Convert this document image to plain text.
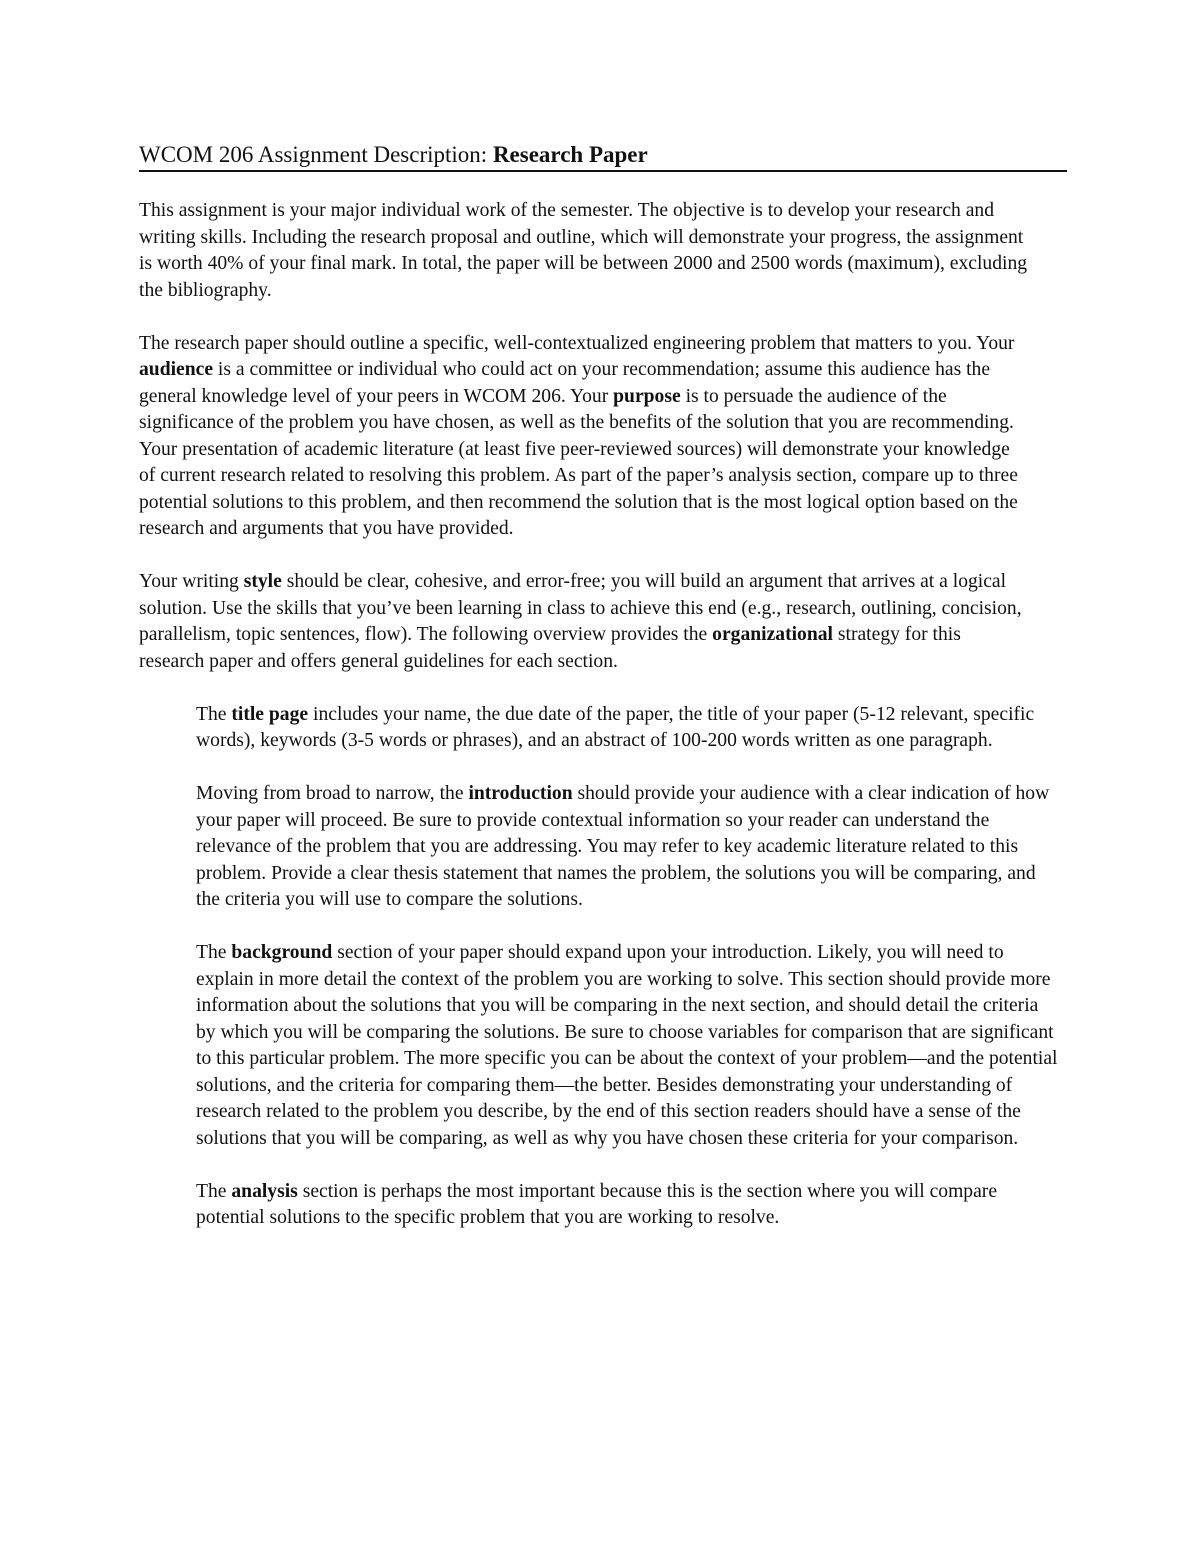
WCOM 206 Assignment Description: Research Paper

This assignment is your major individual work of the semester. The objective is to develop your research and writing skills. Including the research proposal and outline, which will demonstrate your progress, the assignment is worth 40% of your final mark. In total, the paper will be between 2000 and 2500 words (maximum), excluding the bibliography.

The research paper should outline a specific, well-contextualized engineering problem that matters to you. Your audience is a committee or individual who could act on your recommendation; assume this audience has the general knowledge level of your peers in WCOM 206. Your purpose is to persuade the audience of the significance of the problem you have chosen, as well as the benefits of the solution that you are recommending. Your presentation of academic literature (at least five peer-reviewed sources) will demonstrate your knowledge of current research related to resolving this problem. As part of the paper’s analysis section, compare up to three potential solutions to this problem, and then recommend the solution that is the most logical option based on the research and arguments that you have provided.

Your writing style should be clear, cohesive, and error-free; you will build an argument that arrives at a logical solution. Use the skills that you’ve been learning in class to achieve this end (e.g., research, outlining, concision, parallelism, topic sentences, flow). The following overview provides the organizational strategy for this research paper and offers general guidelines for each section.

The title page includes your name, the due date of the paper, the title of your paper (5-12 relevant, specific words), keywords (3-5 words or phrases), and an abstract of 100-200 words written as one paragraph.

Moving from broad to narrow, the introduction should provide your audience with a clear indication of how your paper will proceed. Be sure to provide contextual information so your reader can understand the relevance of the problem that you are addressing. You may refer to key academic literature related to this problem. Provide a clear thesis statement that names the problem, the solutions you will be comparing, and the criteria you will use to compare the solutions.

The background section of your paper should expand upon your introduction. Likely, you will need to explain in more detail the context of the problem you are working to solve. This section should provide more information about the solutions that you will be comparing in the next section, and should detail the criteria by which you will be comparing the solutions. Be sure to choose variables for comparison that are significant to this particular problem. The more specific you can be about the context of your problem—and the potential solutions, and the criteria for comparing them—the better. Besides demonstrating your understanding of research related to the problem you describe, by the end of this section readers should have a sense of the solutions that you will be comparing, as well as why you have chosen these criteria for your comparison.

The analysis section is perhaps the most important because this is the section where you will compare potential solutions to the specific problem that you are working to resolve.
